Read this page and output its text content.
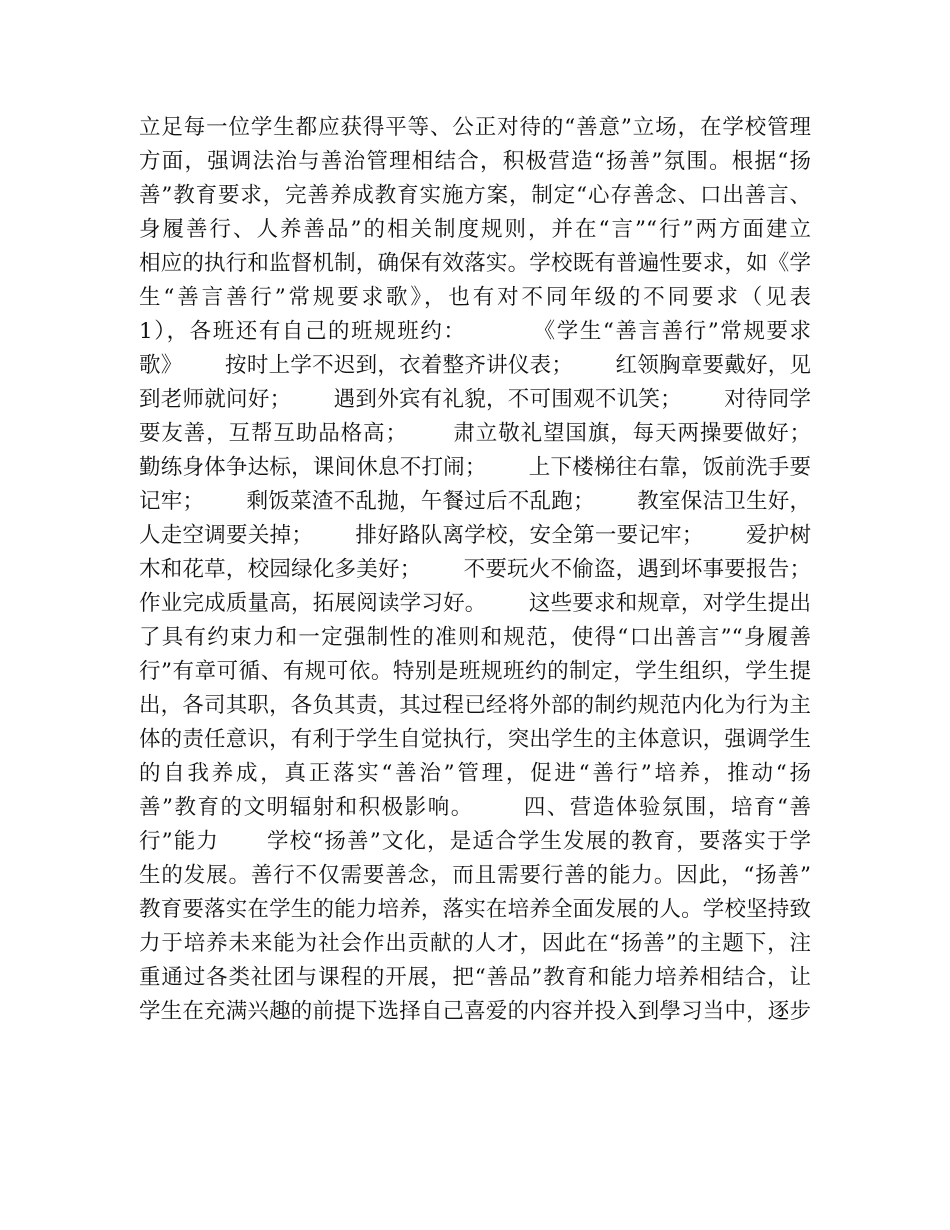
立足每一位学生都应获得平等、公正对待的“善意”立场，在学校管理
方面，强调法治与善治管理相结合，积极营造“扬善”氛围。根据“扬
善”教育要求，完善养成教育实施方案，制定“心存善念、口出善言、
身履善行、人养善品”的相关制度规则，并在“言”“行”两方面建立
相应的执行和监督机制，确保有效落实。学校既有普遍性要求，如《学
生“善言善行”常规要求歌》，也有对不同年级的不同要求（见表
1），各班还有自己的班规班约：        《学生“善言善行”常规要求
歌》      按时上学不迟到，衣着整齐讲仪表；      红领胸章要戴好，见
到老师就问好；      遇到外宾有礼貌，不可围观不讥笑；      对待同学
要友善，互帮互助品格高；      肃立敬礼望国旗，每天两操要做好；
勤练身体争达标，课间休息不打闹；      上下楼梯往右靠，饭前洗手要
记牢；      剩饭菜渣不乱抛，午餐过后不乱跑；      教室保洁卫生好，
人走空调要关掉；      排好路队离学校，安全第一要记牢；      爱护树
木和花草，校园绿化多美好；      不要玩火不偷盗，遇到坏事要报告；
作业完成质量高，拓展阅读学习好。      这些要求和规章，对学生提出
了具有约束力和一定强制性的准则和规范，使得“口出善言”“身履善
行”有章可循、有规可依。特别是班规班约的制定，学生组织，学生提
出，各司其职，各负其责，其过程已经将外部的制约规范内化为行为主
体的责任意识，有利于学生自觉执行，突出学生的主体意识，强调学生
的自我养成，真正落实“善治”管理，促进“善行”培养，推动“扬
善”教育的文明辐射和积极影响。      四、营造体验氛围，培育“善
行”能力      学校“扬善”文化，是适合学生发展的教育，要落实于学
生的发展。善行不仅需要善念，而且需要行善的能力。因此，“扬善”
教育要落实在学生的能力培养，落实在培养全面发展的人。学校坚持致
力于培养未来能为社会作出贡献的人才，因此在“扬善”的主题下，注
重通过各类社团与课程的开展，把“善品”教育和能力培养相结合，让
学生在充满兴趣的前提下选择自己喜爱的内容并投入到學习当中，逐步
